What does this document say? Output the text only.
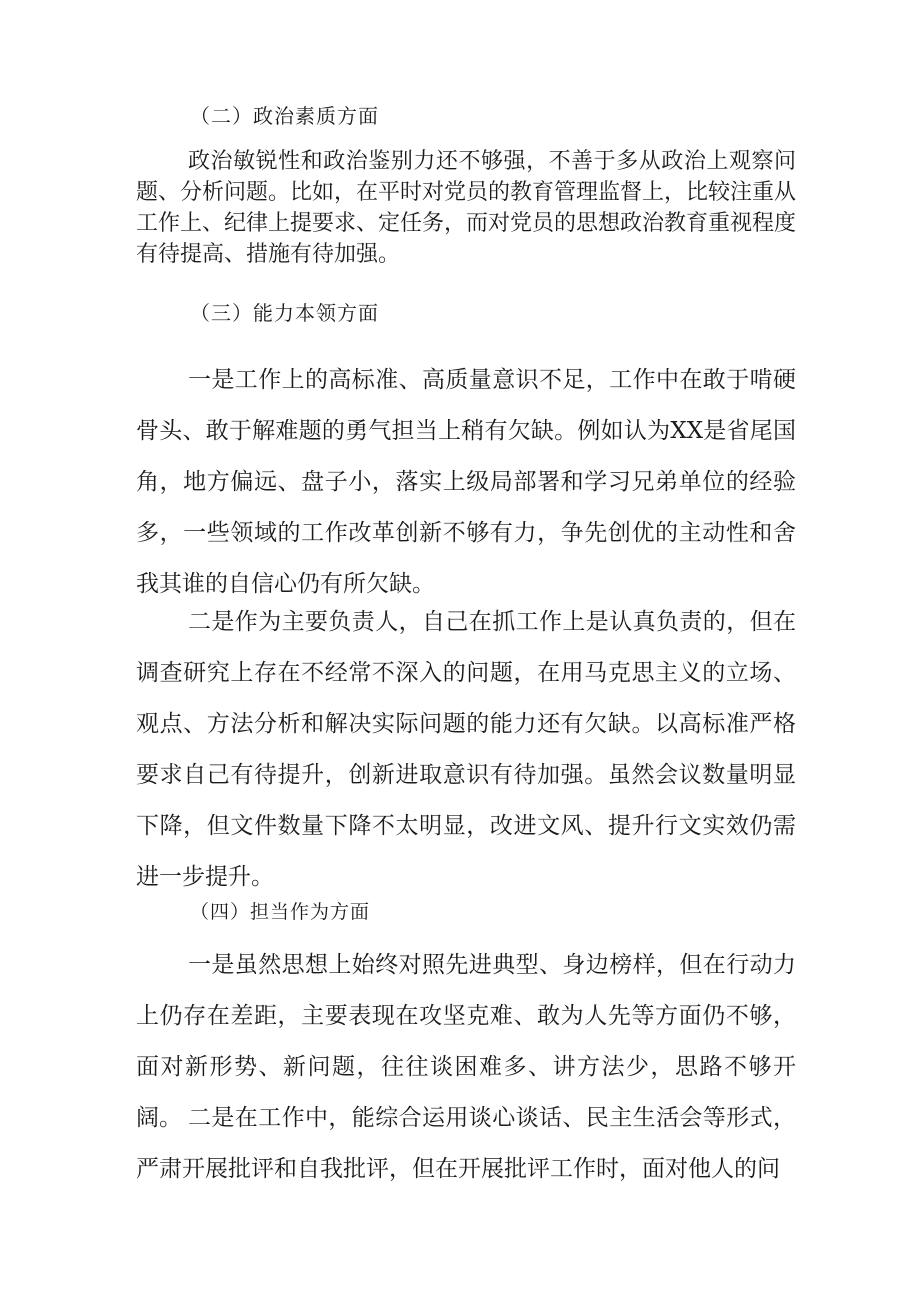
（二）政治素质方面

政治敏锐性和政治鉴别力还不够强，不善于多从政治上观察问题、分析问题。比如，在平时对党员的教育管理监督上，比较注重从工作上、纪律上提要求、定任务，而对党员的思想政治教育重视程度有待提高、措施有待加强。

（三）能力本领方面

一是工作上的高标准、高质量意识不足，工作中在敢于啃硬骨头、敢于解难题的勇气担当上稍有欠缺。例如认为XX是省尾国角，地方偏远、盘子小，落实上级局部署和学习兄弟单位的经验多，一些领域的工作改革创新不够有力，争先创优的主动性和舍我其谁的自信心仍有所欠缺。

二是作为主要负责人，自己在抓工作上是认真负责的，但在调查研究上存在不经常不深入的问题，在用马克思主义的立场、观点、方法分析和解决实际问题的能力还有欠缺。以高标准严格要求自己有待提升，创新进取意识有待加强。虽然会议数量明显下降，但文件数量下降不太明显，改进文风、提升行文实效仍需进一步提升。

（四）担当作为方面

一是虽然思想上始终对照先进典型、身边榜样，但在行动力上仍存在差距，主要表现在攻坚克难、敢为人先等方面仍不够，面对新形势、新问题，往往谈困难多、讲方法少，思路不够开阔。 二是在工作中，能综合运用谈心谈话、民主生活会等形式，严肃开展批评和自我批评，但在开展批评工作时，面对他人的问
